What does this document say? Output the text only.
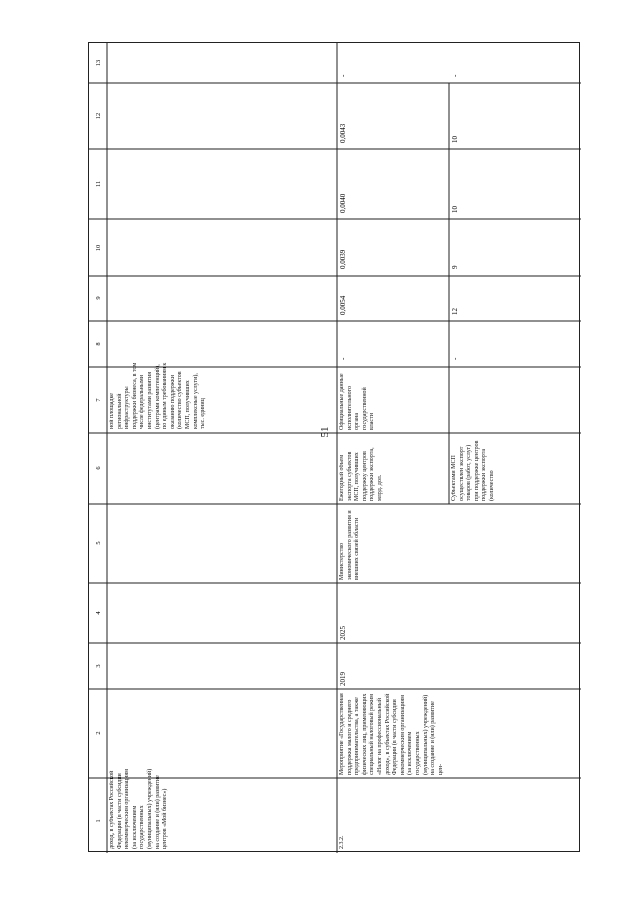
51
1
2
3
4
5
6
7
8
9
10
11
12
13
доход, в субъектах Российской Федерации (в части субсидии некоммерческим организациям (за исключением государственных (муниципальных) учреждений) на создание и (или) развитие центров «Мой бизнес»)
ной площадке региональной инфраструктуры поддержки бизнеса, в том числе федеральными институтами развития (центрами компетенций), по единым требованиям к оказанию поддержки (количество субъектов МСП, получивших комплексные услуги), тыс. единиц
2.3.2.
Мероприятие «Государственная поддержка малого и среднего предпринимательства, а также физических лиц, применяющих специальный налоговый режим «Налог на профессиональный доход», в субъектах Российской Федерации (в части субсидии некоммерческим организациям (за исключением государственных (муниципальных) учреждений) на создание и (или) развитие цен-
2019
2025
Министерство экономического развития и внешних связей области
Ежегодный объем экспорта субъектов МСП, получивших поддержку центров поддержки экспорта, млрд. дол.
Официальные данные исполнительного органа государственной власти
-
0,0054
0,0039
0,0040
0,0043
-
Субъектами МСП осуществлен экспорт товаров (работ, услуг) при поддержке центров поддержки экспорта (количество
-
12
9
10
10
-
